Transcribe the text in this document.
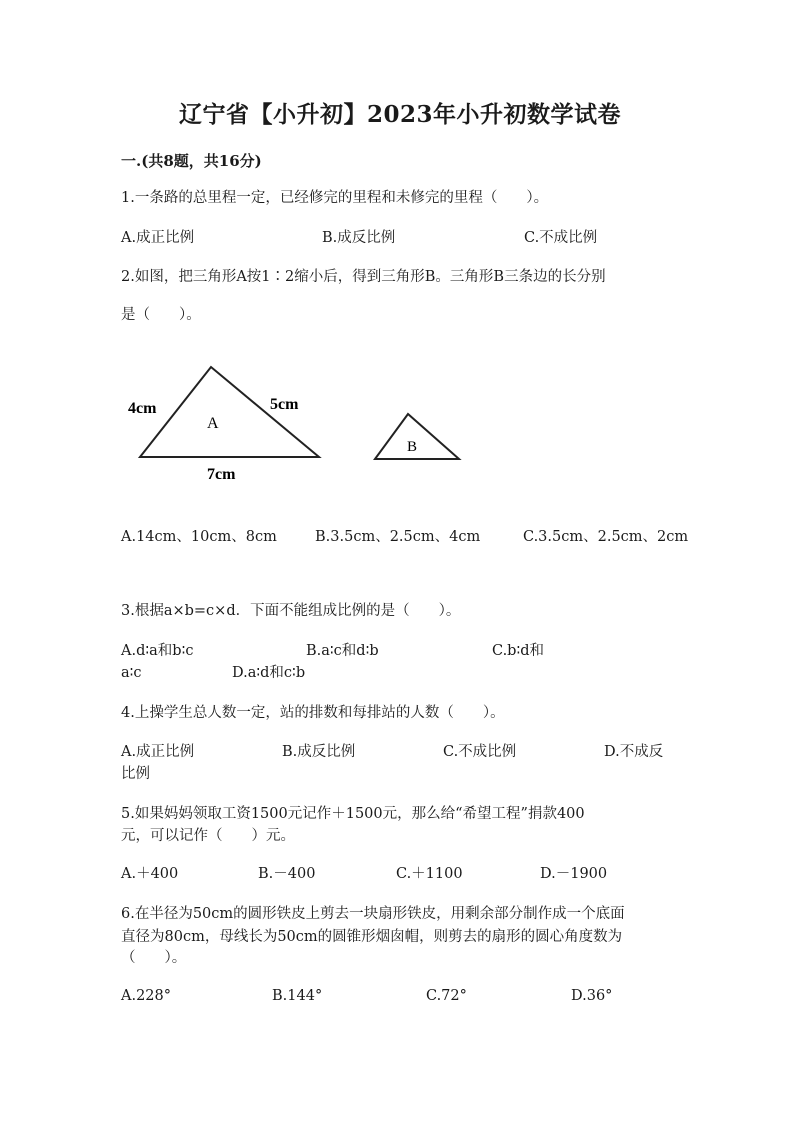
辽宁省【小升初】2023年小升初数学试卷
一.(共8题，共16分)
1.一条路的总里程一定，已经修完的里程和未修完的里程（　　）。
A.成正比例	B.成反比例	C.不成比例
2.如图，把三角形A按1∶2缩小后，得到三角形B。三角形B三条边的长分别
是（　　）。
A
B
4cm	5cm
7cm
A.14cm、10cm、8cm	B.3.5cm、2.5cm、4cm	C.3.5cm、2.5cm、2cm
3.根据a×b=c×d．下面不能组成比例的是（　　）。
A.d∶a和b∶c	B.a∶c和d∶b	C.b∶d和
a∶c	D.a∶d和c∶b
4.上操学生总人数一定，站的排数和每排站的人数（　　）。
A.成正比例	B.成反比例	C.不成比例	D.不成反
比例
5.如果妈妈领取工资1500元记作＋1500元，那么给“希望工程”捐款400
元，可以记作（　　）元。
A.＋400	B.－400	C.＋1100	D.－1900
6.在半径为50cm的圆形铁皮上剪去一块扇形铁皮，用剩余部分制作成一个底面
直径为80cm，母线长为50cm的圆锥形烟囱帽，则剪去的扇形的圆心角度数为
（　　）。
A.228°	B.144°	C.72°	D.36°
